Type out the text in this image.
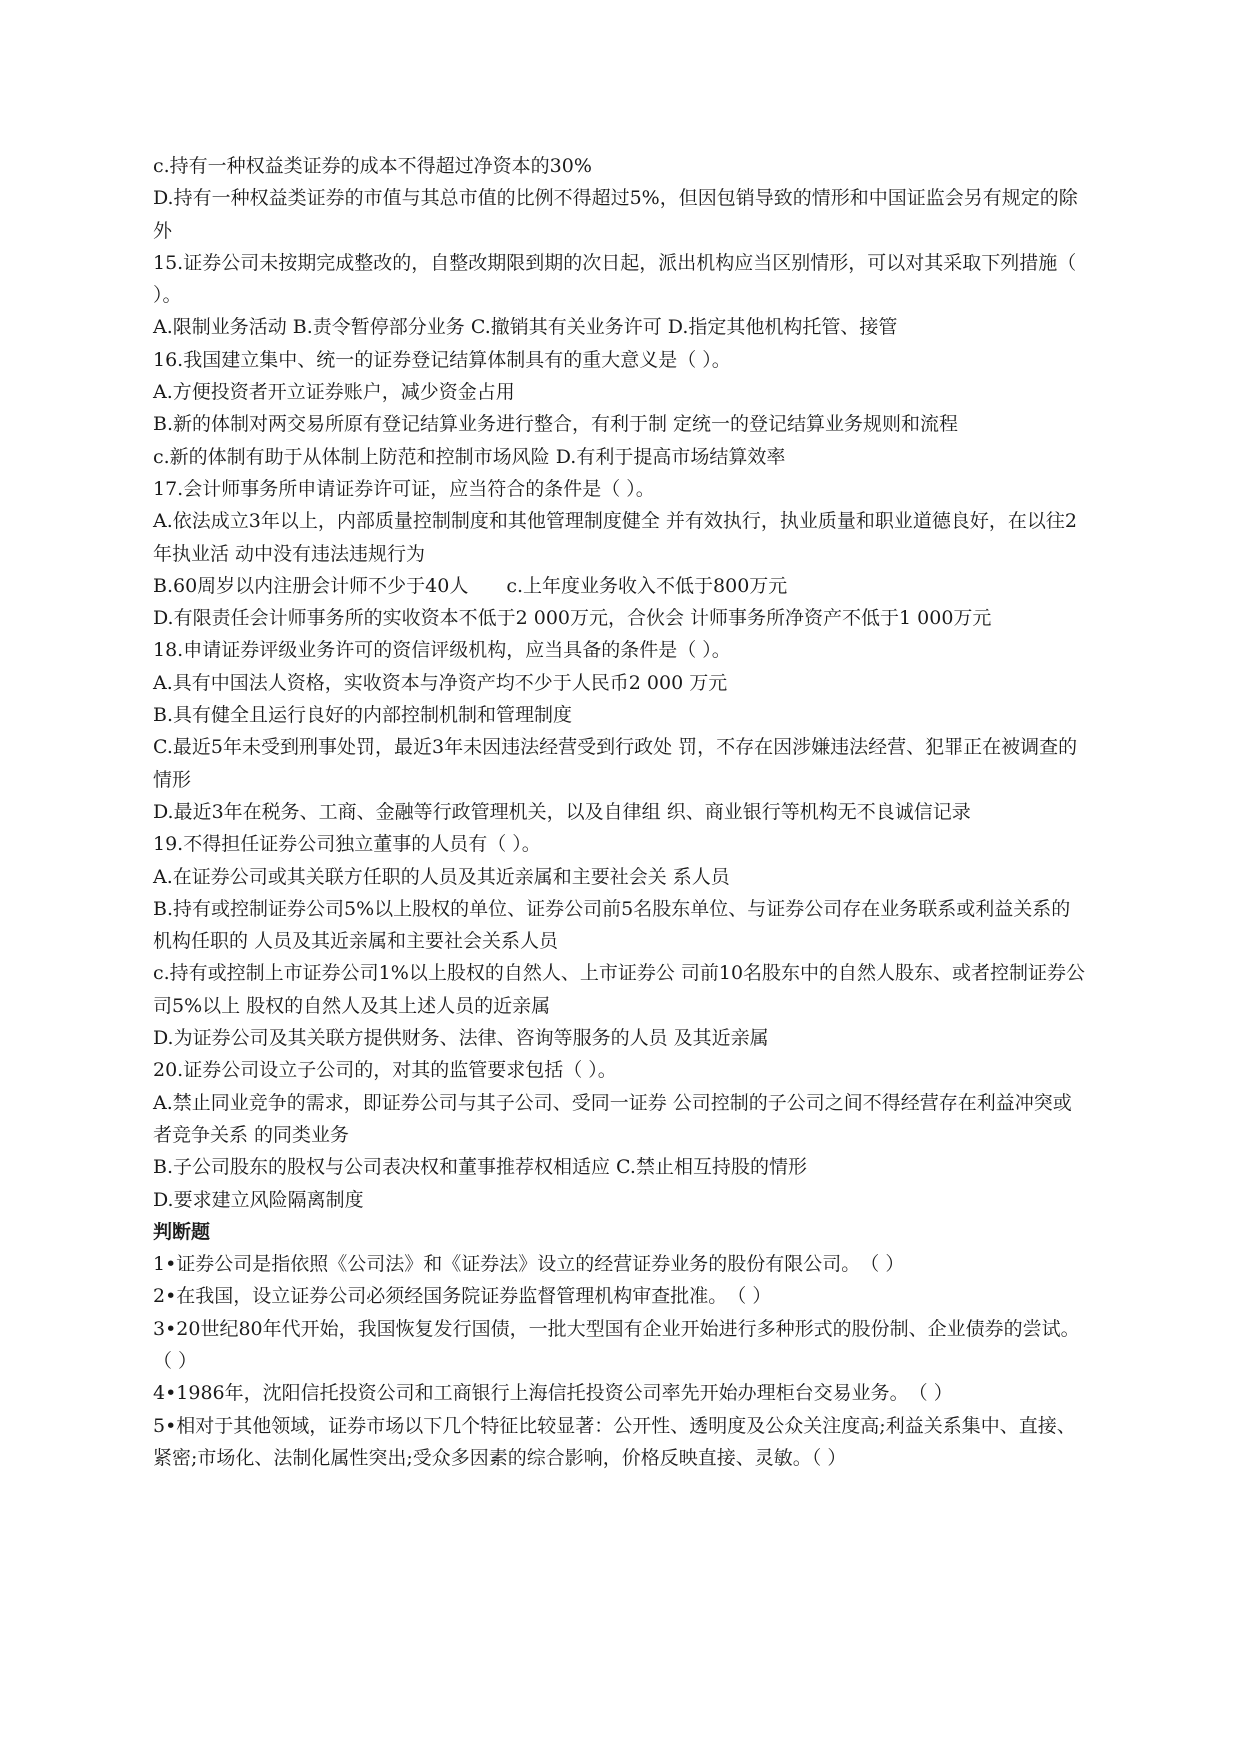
c.持有一种权益类证券的成本不得超过净资本的30%

D.持有一种权益类证券的市值与其总市值的比例不得超过5%，但因包销导致的情形和中国证监会另有规定的除外

15.证券公司未按期完成整改的，自整改期限到期的次日起，派出机构应当区别情形，可以对其采取下列措施（ ）。

A.限制业务活动 B.责令暂停部分业务 C.撤销其有关业务许可 D.指定其他机构托管、接管

16.我国建立集中、统一的证券登记结算体制具有的重大意义是（ ）。

A.方便投资者开立证券账户，减少资金占用

B.新的体制对两交易所原有登记结算业务进行整合，有利于制 定统一的登记结算业务规则和流程

c.新的体制有助于从体制上防范和控制市场风险 D.有利于提高市场结算效率

17.会计师事务所申请证券许可证，应当符合的条件是（ ）。

A.依法成立3年以上，内部质量控制制度和其他管理制度健全 并有效执行，执业质量和职业道德良好，在以往2年执业活 动中没有违法违规行为

B.60周岁以内注册会计师不少于40人　　c.上年度业务收入不低于800万元

D.有限责任会计师事务所的实收资本不低于2 000万元，合伙会 计师事务所净资产不低于1 000万元

18.申请证券评级业务许可的资信评级机构，应当具备的条件是（ ）。

A.具有中国法人资格，实收资本与净资产均不少于人民币2 000 万元

B.具有健全且运行良好的内部控制机制和管理制度

C.最近5年未受到刑事处罚，最近3年未因违法经营受到行政处 罚，不存在因涉嫌违法经营、犯罪正在被调查的情形

D.最近3年在税务、工商、金融等行政管理机关，以及自律组 织、商业银行等机构无不良诚信记录

19.不得担任证券公司独立董事的人员有（ ）。

A.在证券公司或其关联方任职的人员及其近亲属和主要社会关 系人员

B.持有或控制证券公司5%以上股权的单位、证券公司前5名股东单位、与证券公司存在业务联系或利益关系的机构任职的 人员及其近亲属和主要社会关系人员

c.持有或控制上市证券公司1%以上股权的自然人、上市证券公 司前10名股东中的自然人股东、或者控制证券公司5%以上 股权的自然人及其上述人员的近亲属

D.为证券公司及其关联方提供财务、法律、咨询等服务的人员 及其近亲属

20.证券公司设立子公司的，对其的监管要求包括（ ）。

A.禁止同业竞争的需求，即证券公司与其子公司、受同一证券 公司控制的子公司之间不得经营存在利益冲突或者竞争关系 的同类业务

B.子公司股东的股权与公司表决权和董事推荐权相适应 C.禁止相互持股的情形

D.要求建立风险隔离制度

判断题

1•证券公司是指依照《公司法》和《证券法》设立的经营证券业务的股份有限公司。　（ ）

2•在我国，设立证券公司必须经国务院证券监督管理机构审查批准。　（ ）

3•20世纪80年代开始，我国恢复发行国债，一批大型国有企业开始进行多种形式的股份制、企业债券的尝试。　（ ）

4•1986年，沈阳信托投资公司和工商银行上海信托投资公司率先开始办理柜台交易业务。　（ ）

5•相对于其他领域，证券市场以下几个特征比较显著：公开性、透明度及公众关注度高;利益关系集中、直接、紧密;市场化、法制化属性突出;受众多因素的综合影响，价格反映直接、灵敏。（ ）
